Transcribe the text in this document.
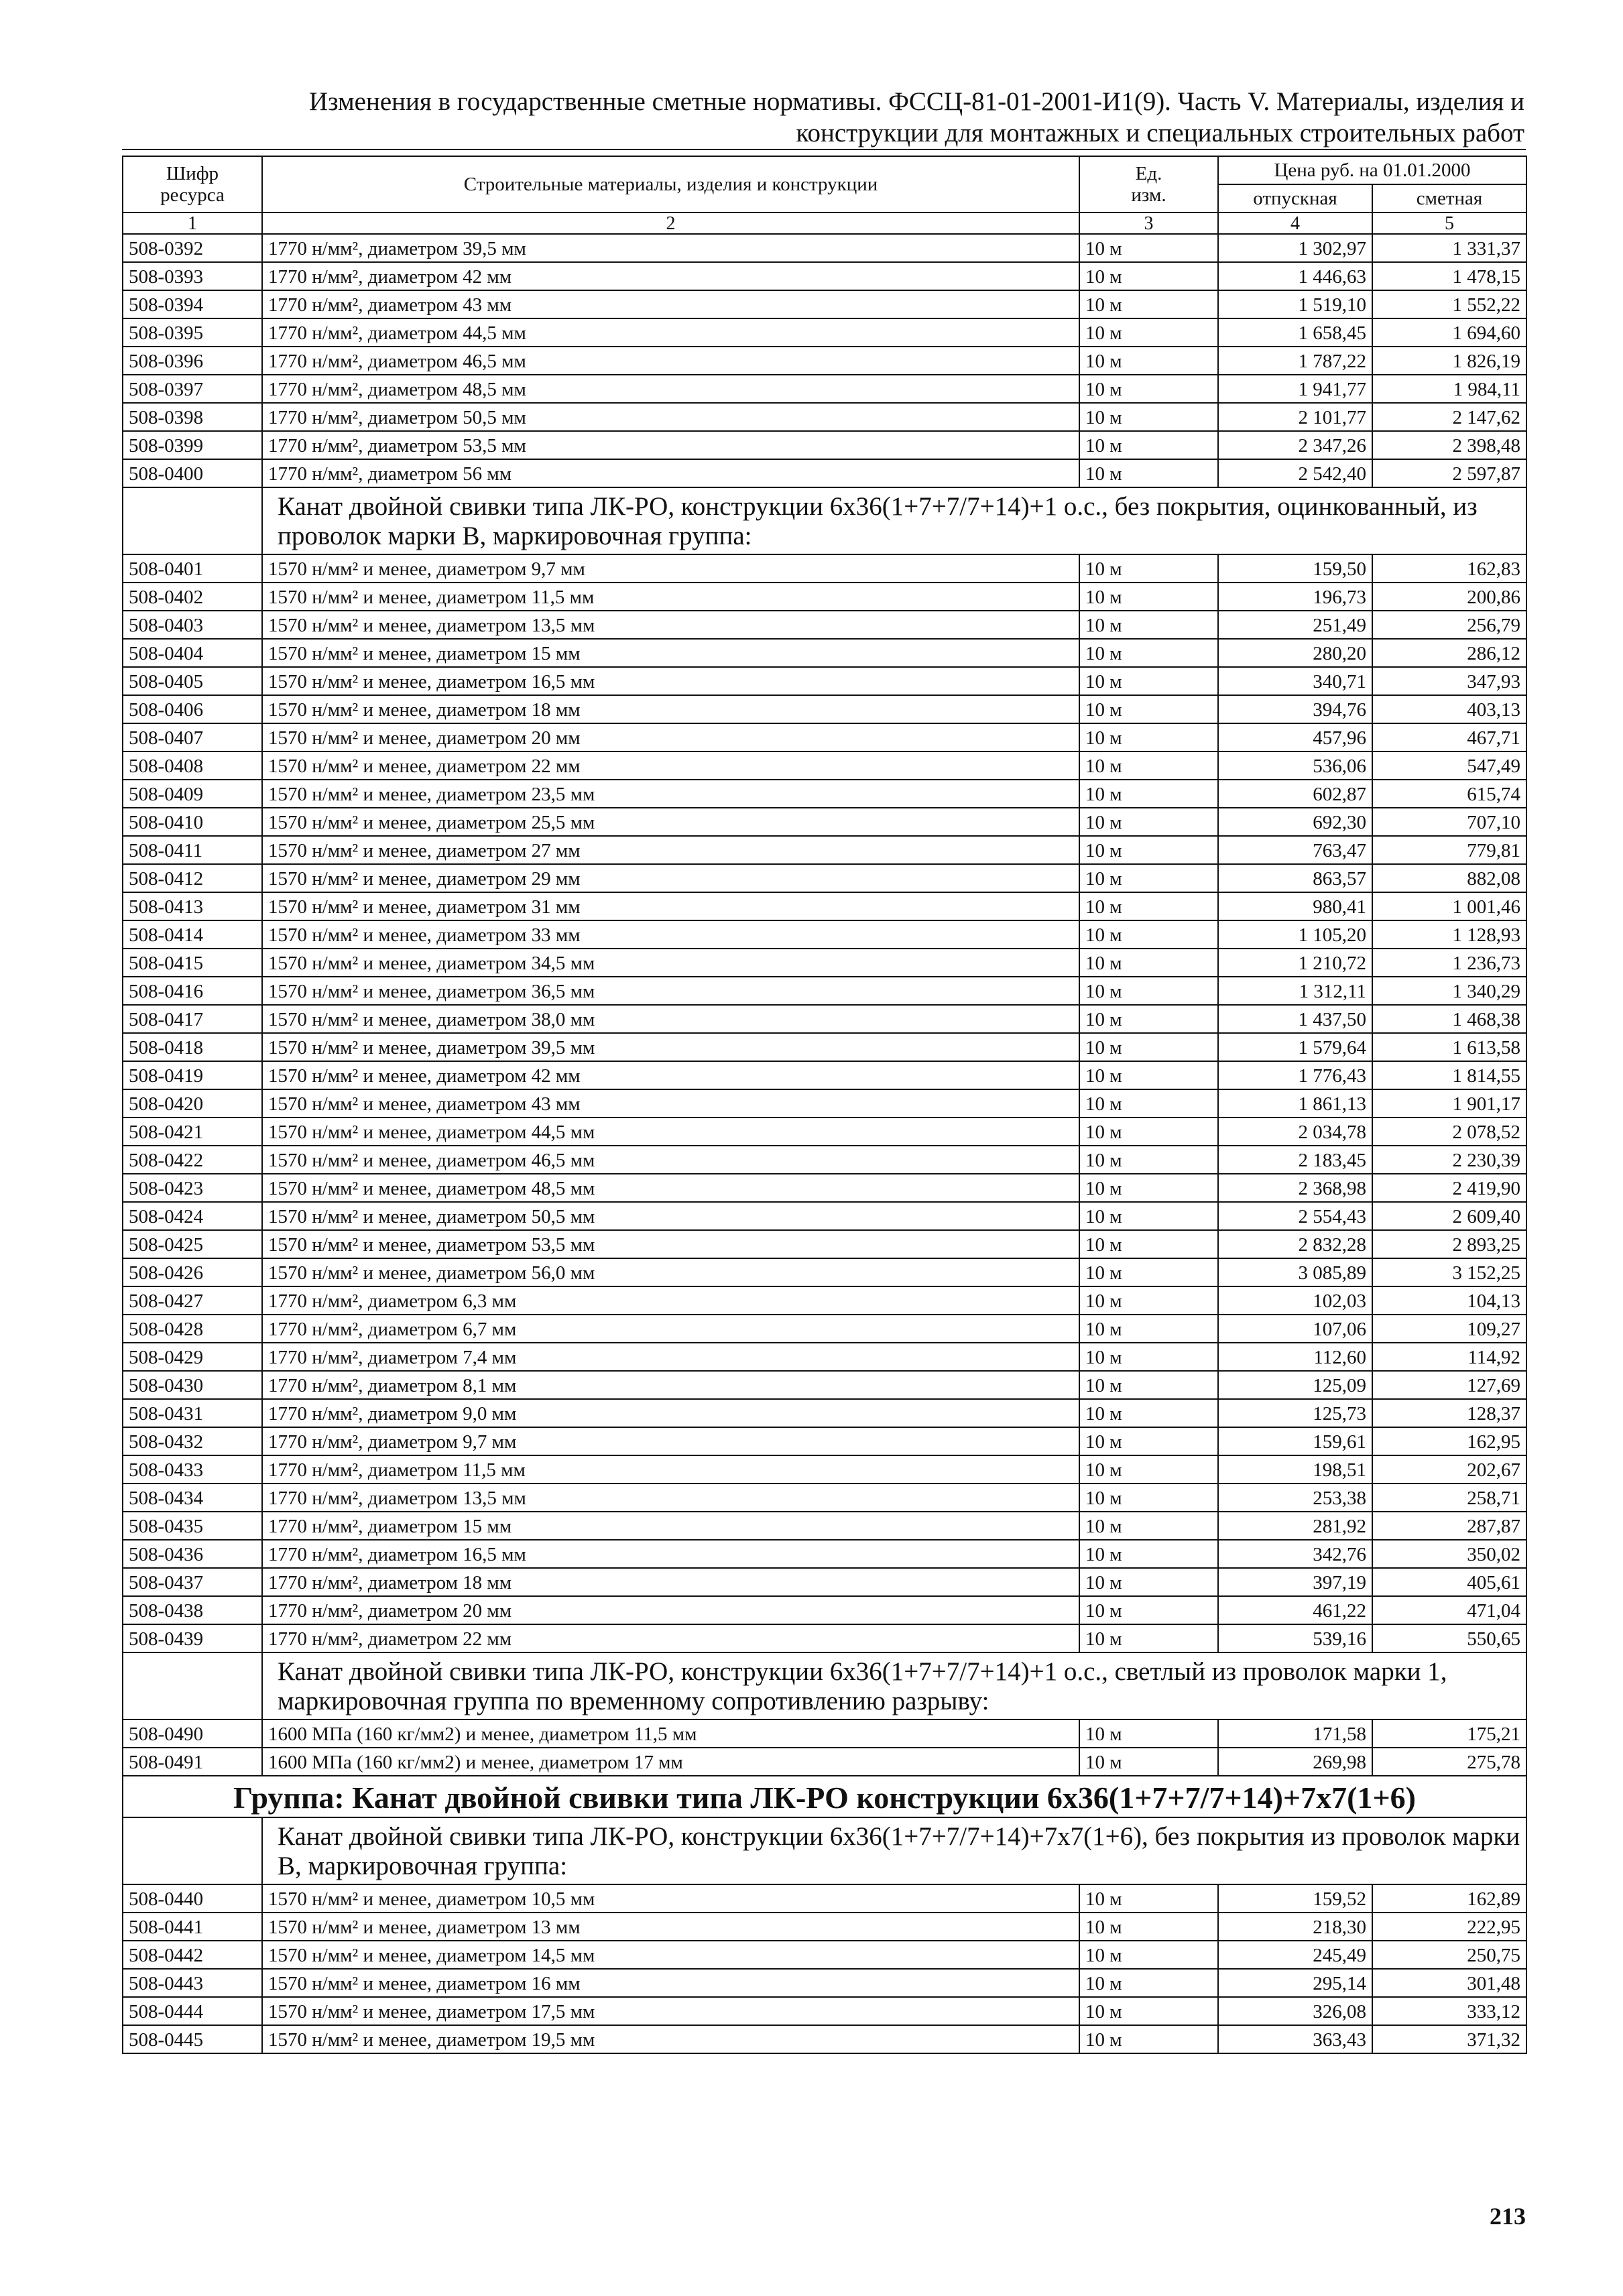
Изменения в государственные сметные нормативы. ФССЦ-81-01-2001-И1(9). Часть V. Материалы, изделия и
конструкции для монтажных и специальных строительных работ
Шифр
ресурса	Строительные материалы, изделия и конструкции	Ед.
изм.	Цена руб. на 01.01.2000	
			отпускная	сметная
1	2	3	4	5
508-0392	1770 н/мм², диаметром 39,5 мм	10 м	1 302,97	1 331,37
508-0393	1770 н/мм², диаметром 42 мм	10 м	1 446,63	1 478,15
508-0394	1770 н/мм², диаметром 43 мм	10 м	1 519,10	1 552,22
508-0395	1770 н/мм², диаметром 44,5 мм	10 м	1 658,45	1 694,60
508-0396	1770 н/мм², диаметром 46,5 мм	10 м	1 787,22	1 826,19
508-0397	1770 н/мм², диаметром 48,5 мм	10 м	1 941,77	1 984,11
508-0398	1770 н/мм², диаметром 50,5 мм	10 м	2 101,77	2 147,62
508-0399	1770 н/мм², диаметром 53,5 мм	10 м	2 347,26	2 398,48
508-0400	1770 н/мм², диаметром 56 мм	10 м	2 542,40	2 597,87
	Канат двойной свивки типа ЛК-РО, конструкции 6х36(1+7+7/7+14)+1 о.с., без покрытия, оцинкованный, из проволок марки В, маркировочная группа:			
508-0401	1570 н/мм² и менее, диаметром 9,7 мм	10 м	159,50	162,83
508-0402	1570 н/мм² и менее, диаметром 11,5 мм	10 м	196,73	200,86
508-0403	1570 н/мм² и менее, диаметром 13,5 мм	10 м	251,49	256,79
508-0404	1570 н/мм² и менее, диаметром 15 мм	10 м	280,20	286,12
508-0405	1570 н/мм² и менее, диаметром 16,5 мм	10 м	340,71	347,93
508-0406	1570 н/мм² и менее, диаметром 18 мм	10 м	394,76	403,13
508-0407	1570 н/мм² и менее, диаметром 20 мм	10 м	457,96	467,71
508-0408	1570 н/мм² и менее, диаметром 22 мм	10 м	536,06	547,49
508-0409	1570 н/мм² и менее, диаметром 23,5 мм	10 м	602,87	615,74
508-0410	1570 н/мм² и менее, диаметром 25,5 мм	10 м	692,30	707,10
508-0411	1570 н/мм² и менее, диаметром 27 мм	10 м	763,47	779,81
508-0412	1570 н/мм² и менее, диаметром 29 мм	10 м	863,57	882,08
508-0413	1570 н/мм² и менее, диаметром 31 мм	10 м	980,41	1 001,46
508-0414	1570 н/мм² и менее, диаметром 33 мм	10 м	1 105,20	1 128,93
508-0415	1570 н/мм² и менее, диаметром 34,5 мм	10 м	1 210,72	1 236,73
508-0416	1570 н/мм² и менее, диаметром 36,5 мм	10 м	1 312,11	1 340,29
508-0417	1570 н/мм² и менее, диаметром 38,0 мм	10 м	1 437,50	1 468,38
508-0418	1570 н/мм² и менее, диаметром 39,5 мм	10 м	1 579,64	1 613,58
508-0419	1570 н/мм² и менее, диаметром 42 мм	10 м	1 776,43	1 814,55
508-0420	1570 н/мм² и менее, диаметром 43 мм	10 м	1 861,13	1 901,17
508-0421	1570 н/мм² и менее, диаметром 44,5 мм	10 м	2 034,78	2 078,52
508-0422	1570 н/мм² и менее, диаметром 46,5 мм	10 м	2 183,45	2 230,39
508-0423	1570 н/мм² и менее, диаметром 48,5 мм	10 м	2 368,98	2 419,90
508-0424	1570 н/мм² и менее, диаметром 50,5 мм	10 м	2 554,43	2 609,40
508-0425	1570 н/мм² и менее, диаметром 53,5 мм	10 м	2 832,28	2 893,25
508-0426	1570 н/мм² и менее, диаметром 56,0 мм	10 м	3 085,89	3 152,25
508-0427	1770 н/мм², диаметром 6,3 мм	10 м	102,03	104,13
508-0428	1770 н/мм², диаметром 6,7 мм	10 м	107,06	109,27
508-0429	1770 н/мм², диаметром 7,4 мм	10 м	112,60	114,92
508-0430	1770 н/мм², диаметром 8,1 мм	10 м	125,09	127,69
508-0431	1770 н/мм², диаметром 9,0 мм	10 м	125,73	128,37
508-0432	1770 н/мм², диаметром 9,7 мм	10 м	159,61	162,95
508-0433	1770 н/мм², диаметром 11,5 мм	10 м	198,51	202,67
508-0434	1770 н/мм², диаметром 13,5 мм	10 м	253,38	258,71
508-0435	1770 н/мм², диаметром 15 мм	10 м	281,92	287,87
508-0436	1770 н/мм², диаметром 16,5 мм	10 м	342,76	350,02
508-0437	1770 н/мм², диаметром 18 мм	10 м	397,19	405,61
508-0438	1770 н/мм², диаметром 20 мм	10 м	461,22	471,04
508-0439	1770 н/мм², диаметром 22 мм	10 м	539,16	550,65
	Канат двойной свивки типа ЛК-РО, конструкции 6х36(1+7+7/7+14)+1 о.с., светлый из проволок марки 1, маркировочная группа по временному сопротивлению разрыву:			
508-0490	1600 МПа (160 кг/мм2) и менее, диаметром 11,5 мм	10 м	171,58	175,21
508-0491	1600 МПа (160 кг/мм2) и менее, диаметром 17 мм	10 м	269,98	275,78
Группа: Канат двойной свивки типа ЛК-РО конструкции 6х36(1+7+7/7+14)+7х7(1+6)				
	Канат двойной свивки типа ЛК-РО, конструкции 6х36(1+7+7/7+14)+7х7(1+6), без покрытия из проволок марки В, маркировочная группа:			
508-0440	1570 н/мм² и менее, диаметром 10,5 мм	10 м	159,52	162,89
508-0441	1570 н/мм² и менее, диаметром 13 мм	10 м	218,30	222,95
508-0442	1570 н/мм² и менее, диаметром 14,5 мм	10 м	245,49	250,75
508-0443	1570 н/мм² и менее, диаметром 16 мм	10 м	295,14	301,48
508-0444	1570 н/мм² и менее, диаметром 17,5 мм	10 м	326,08	333,12
508-0445	1570 н/мм² и менее, диаметром 19,5 мм	10 м	363,43	371,32
213
